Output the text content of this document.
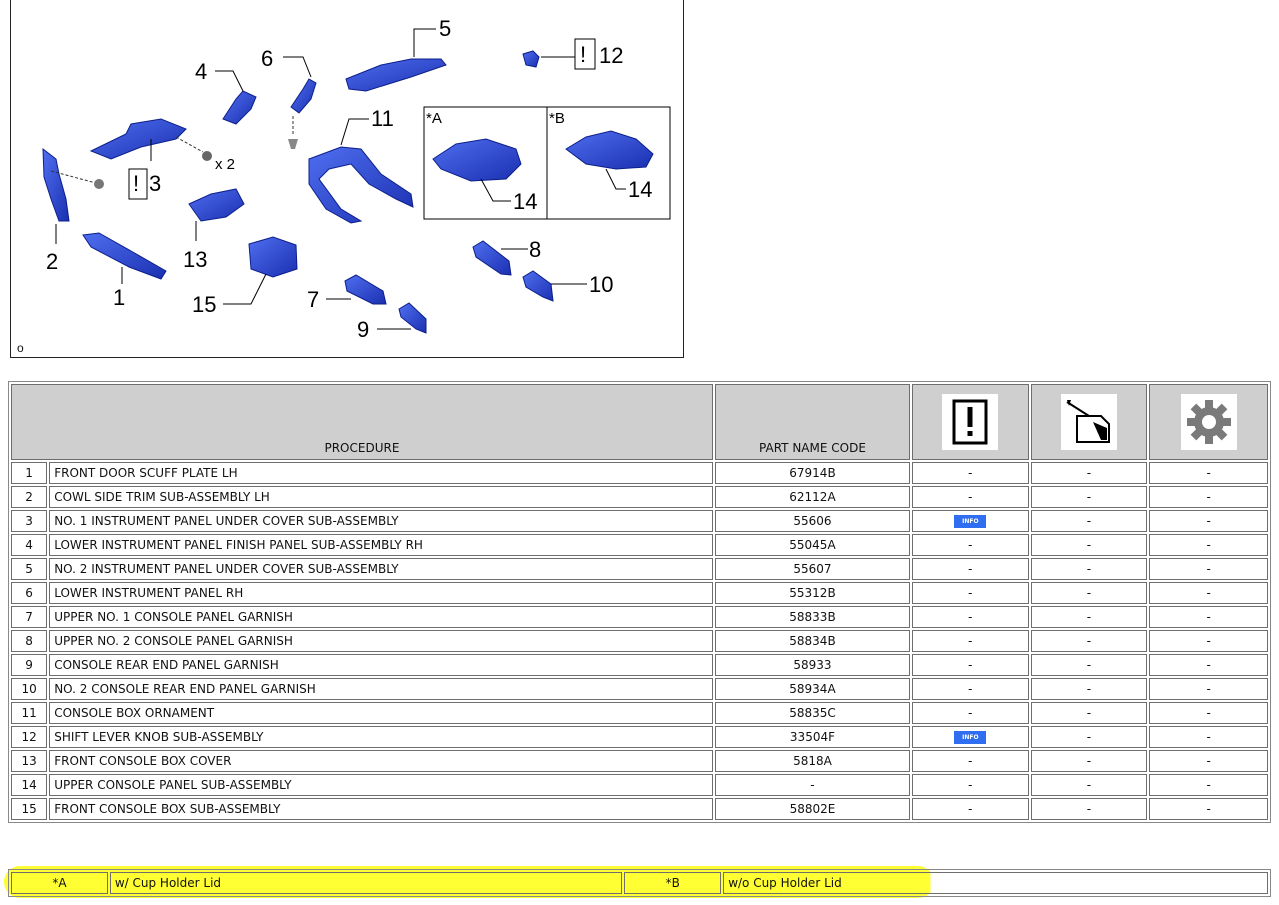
2
1
! 3
x 2
4
6
5
! 12
11 *A	*B
14	14
13
15	7
9
8
10
o
PROCEDURE		PART NAME CODE	

1	FRONT DOOR SCUFF PLATE LH	67914B	-	-	-
2	COWL SIDE TRIM SUB-ASSEMBLY LH	62112A	-	-	-
3	NO. 1 INSTRUMENT PANEL UNDER COVER SUB-ASSEMBLY	55606	INFO	-	-
4	LOWER INSTRUMENT PANEL FINISH PANEL SUB-ASSEMBLY RH	55045A	-	-	-
5	NO. 2 INSTRUMENT PANEL UNDER COVER SUB-ASSEMBLY	55607	-	-	-
6	LOWER INSTRUMENT PANEL RH	55312B	-	-	-
7	UPPER NO. 1 CONSOLE PANEL GARNISH	58833B	-	-	-
8	UPPER NO. 2 CONSOLE PANEL GARNISH	58834B	-	-	-
9	CONSOLE REAR END PANEL GARNISH	58933	-	-	-
10	NO. 2 CONSOLE REAR END PANEL GARNISH	58934A	-	-	-
11	CONSOLE BOX ORNAMENT	58835C	-	-	-
12	SHIFT LEVER KNOB SUB-ASSEMBLY	33504F	INFO	-	-
13	FRONT CONSOLE BOX COVER	5818A	-	-	-
14	UPPER CONSOLE PANEL SUB-ASSEMBLY	-	-	-	-
15	FRONT CONSOLE BOX SUB-ASSEMBLY	58802E	-	-	-
*A	w/ Cup Holder Lid	*B	w/o Cup Holder Lid
